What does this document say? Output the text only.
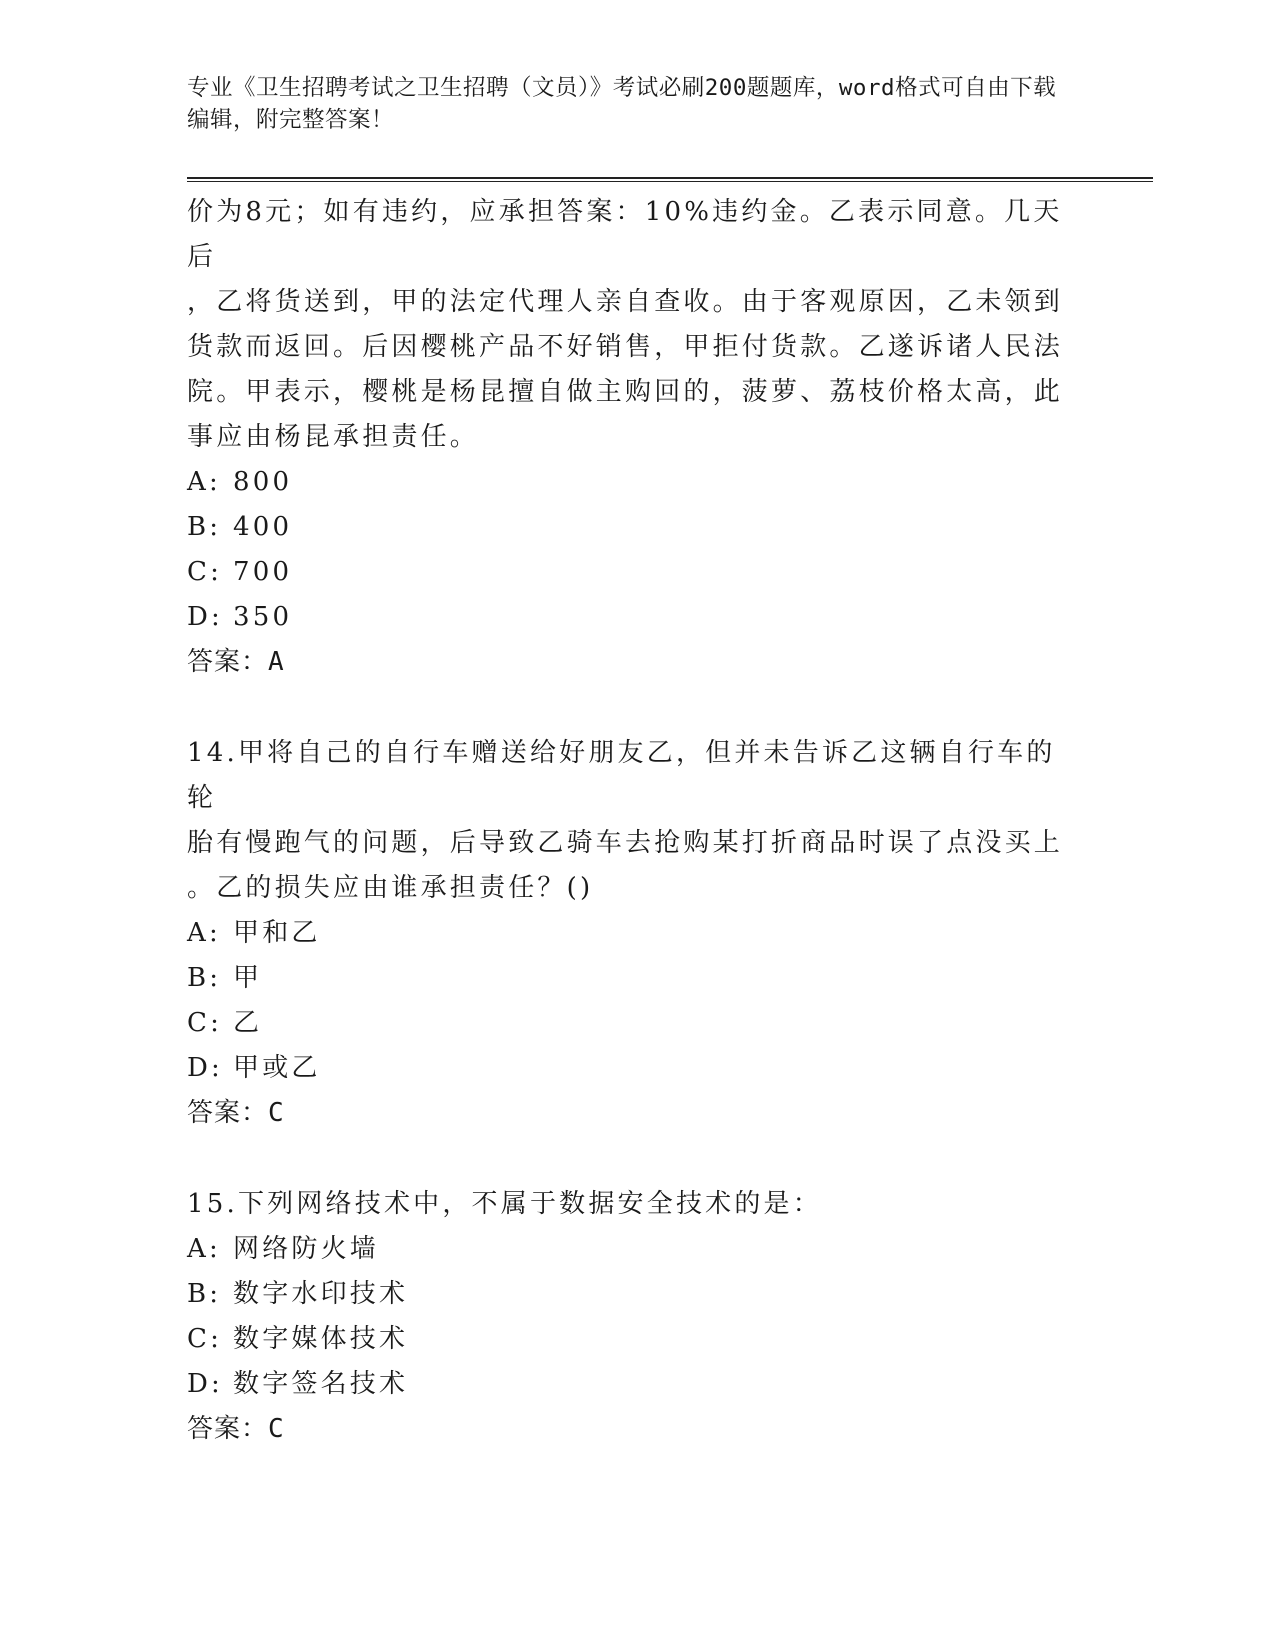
专业《卫生招聘考试之卫生招聘（文员）》考试必刷200题题库，word格式可自由下载编辑，附完整答案！

价为8元；如有违约，应承担答案：10%违约金。乙表示同意。几天后

，乙将货送到，甲的法定代理人亲自查收。由于客观原因，乙未领到

货款而返回。后因樱桃产品不好销售，甲拒付货款。乙遂诉诸人民法

院。甲表示，樱桃是杨昆擅自做主购回的，菠萝、荔枝价格太高，此

事应由杨昆承担责任。

A: 800
B: 400
C: 700
D: 350

答案：A

14.甲将自己的自行车赠送给好朋友乙，但并未告诉乙这辆自行车的轮

胎有慢跑气的问题，后导致乙骑车去抢购某打折商品时误了点没买上

。乙的损失应由谁承担责任？()

A: 甲和乙
B: 甲
C: 乙
D: 甲或乙

答案：C

15.下列网络技术中，不属于数据安全技术的是：

A: 网络防火墙
B: 数字水印技术
C: 数字媒体技术
D: 数字签名技术

答案：C
